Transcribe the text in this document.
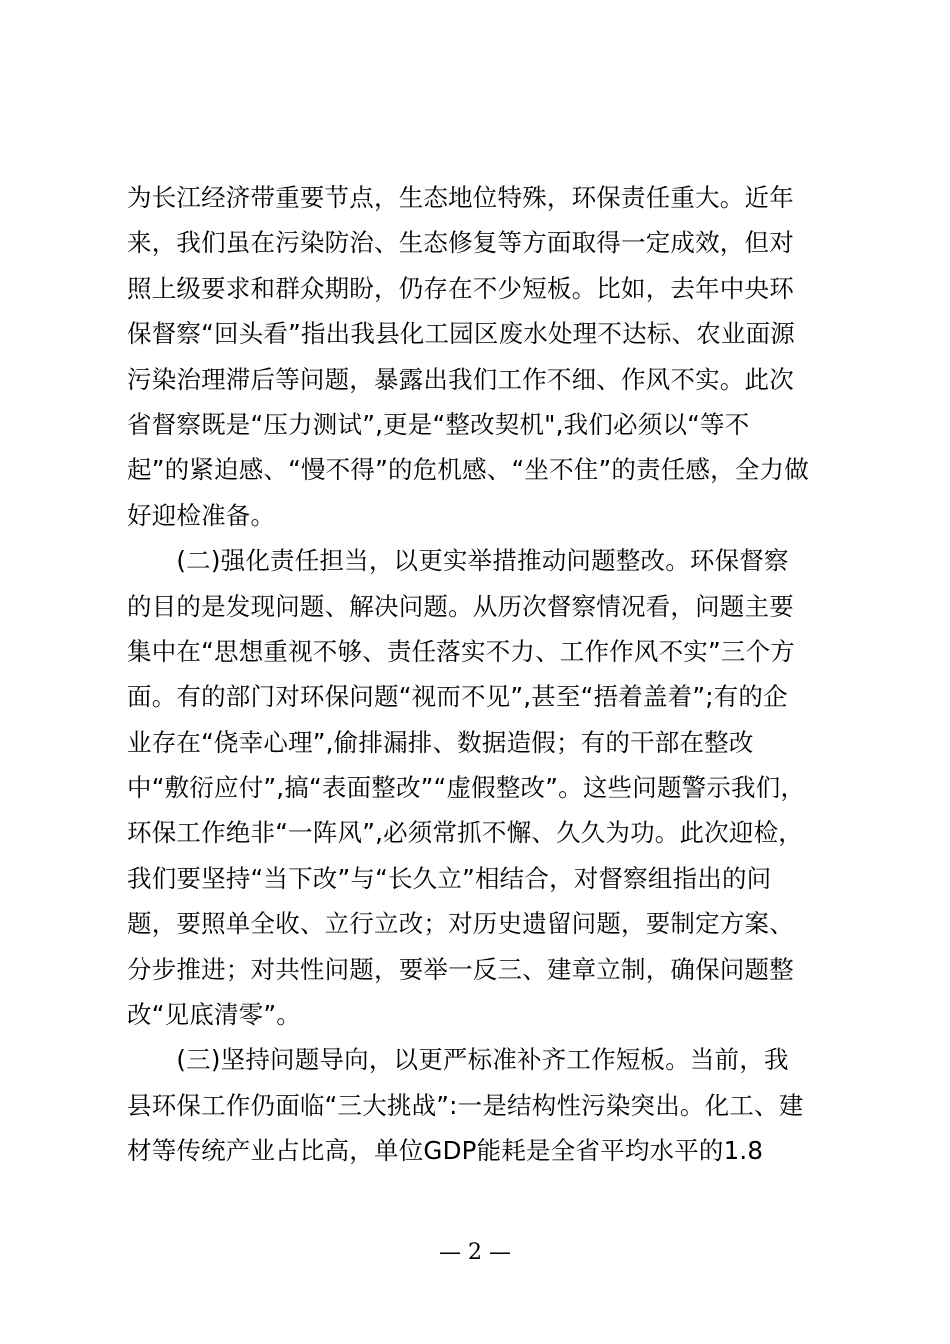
为长江经济带重要节点，生态地位特殊，环保责任重大。近年
来，我们虽在污染防治、生态修复等方面取得一定成效，但对
照上级要求和群众期盼，仍存在不少短板。比如，去年中央环
保督察“回头看”指出我县化工园区废水处理不达标、农业面源
污染治理滞后等问题，暴露出我们工作不细、作风不实。此次
省督察既是“压力测试”,更是“整改契机",我们必须以“等不
起”的紧迫感、“慢不得”的危机感、“坐不住”的责任感，全力做
好迎检准备。
　　(二)强化责任担当，以更实举措推动问题整改。环保督察
的目的是发现问题、解决问题。从历次督察情况看，问题主要
集中在“思想重视不够、责任落实不力、工作作风不实”三个方
面。有的部门对环保问题“视而不见”,甚至“捂着盖着”;有的企
业存在“侥幸心理”,偷排漏排、数据造假；有的干部在整改
中“敷衍应付”,搞“表面整改”“虚假整改”。这些问题警示我们，
环保工作绝非“一阵风”,必须常抓不懈、久久为功。此次迎检，
我们要坚持“当下改”与“长久立”相结合，对督察组指出的问
题，要照单全收、立行立改；对历史遗留问题，要制定方案、
分步推进；对共性问题，要举一反三、建章立制，确保问题整
改“见底清零”。
　　(三)坚持问题导向，以更严标准补齐工作短板。当前，我
县环保工作仍面临“三大挑战”:一是结构性污染突出。化工、建
材等传统产业占比高，单位GDP能耗是全省平均水平的1.8
— 2 —
